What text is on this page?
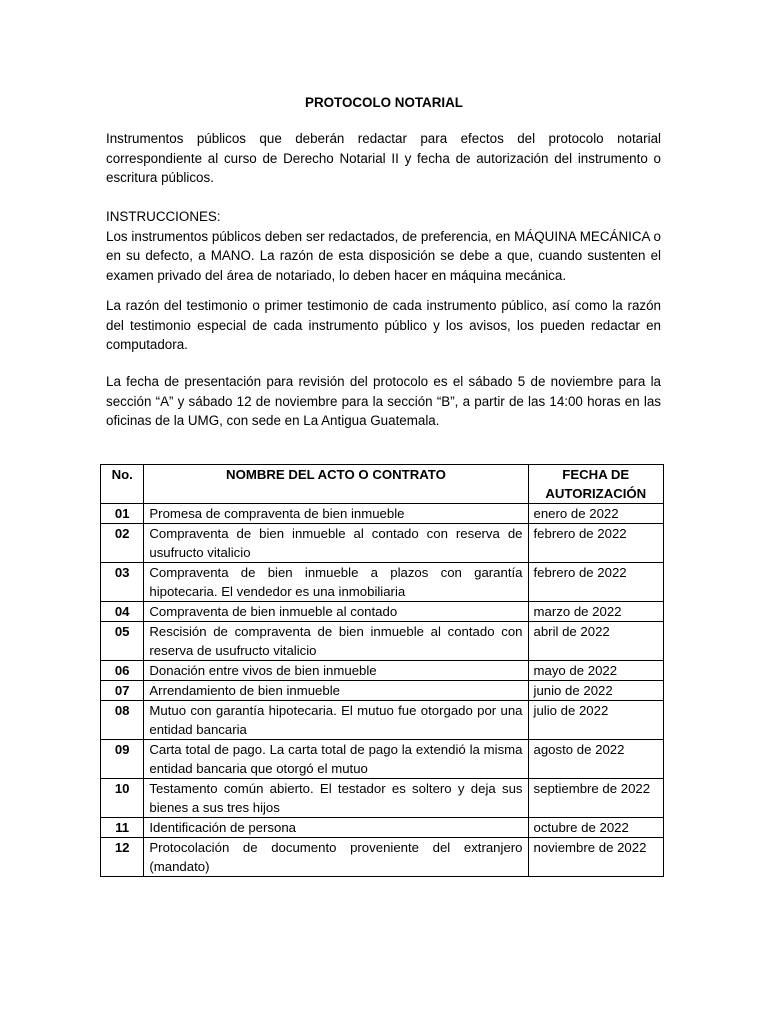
PROTOCOLO NOTARIAL

Instrumentos públicos que deberán redactar para efectos del protocolo notarial correspondiente al curso de Derecho Notarial II y fecha de autorización del instrumento o escritura públicos.

INSTRUCCIONES:

Los instrumentos públicos deben ser redactados, de preferencia, en MÁQUINA MECÁNICA o en su defecto, a MANO. La razón de esta disposición se debe a que, cuando sustenten el examen privado del área de notariado, lo deben hacer en máquina mecánica.

La razón del testimonio o primer testimonio de cada instrumento público, así como la razón del testimonio especial de cada instrumento público y los avisos, los pueden redactar en computadora.

La fecha de presentación para revisión del protocolo es el sábado 5 de noviembre para la sección “A” y sábado 12 de noviembre para la sección “B”, a partir de las 14:00 horas en las oficinas de la UMG, con sede en La Antigua Guatemala.

No.	NOMBRE DEL ACTO O CONTRATO	FECHA DE AUTORIZACIÓN
01	Promesa de compraventa de bien inmueble	enero de 2022
02	Compraventa de bien inmueble al contado con reserva de usufructo vitalicio	febrero de 2022
03	Compraventa de bien inmueble a plazos con garantía hipotecaria. El vendedor es una inmobiliaria	febrero de 2022
04	Compraventa de bien inmueble al contado	marzo de 2022
05	Rescisión de compraventa de bien inmueble al contado con reserva de usufructo vitalicio	abril de 2022
06	Donación entre vivos de bien inmueble	mayo de 2022
07	Arrendamiento de bien inmueble	junio de 2022
08	Mutuo con garantía hipotecaria. El mutuo fue otorgado por una entidad bancaria	julio de 2022
09	Carta total de pago. La carta total de pago la extendió la misma entidad bancaria que otorgó el mutuo	agosto de 2022
10	Testamento común abierto. El testador es soltero y deja sus bienes a sus tres hijos	septiembre de 2022
11	Identificación de persona	octubre de 2022
12	Protocolación de documento proveniente del extranjero (mandato)	noviembre de 2022
